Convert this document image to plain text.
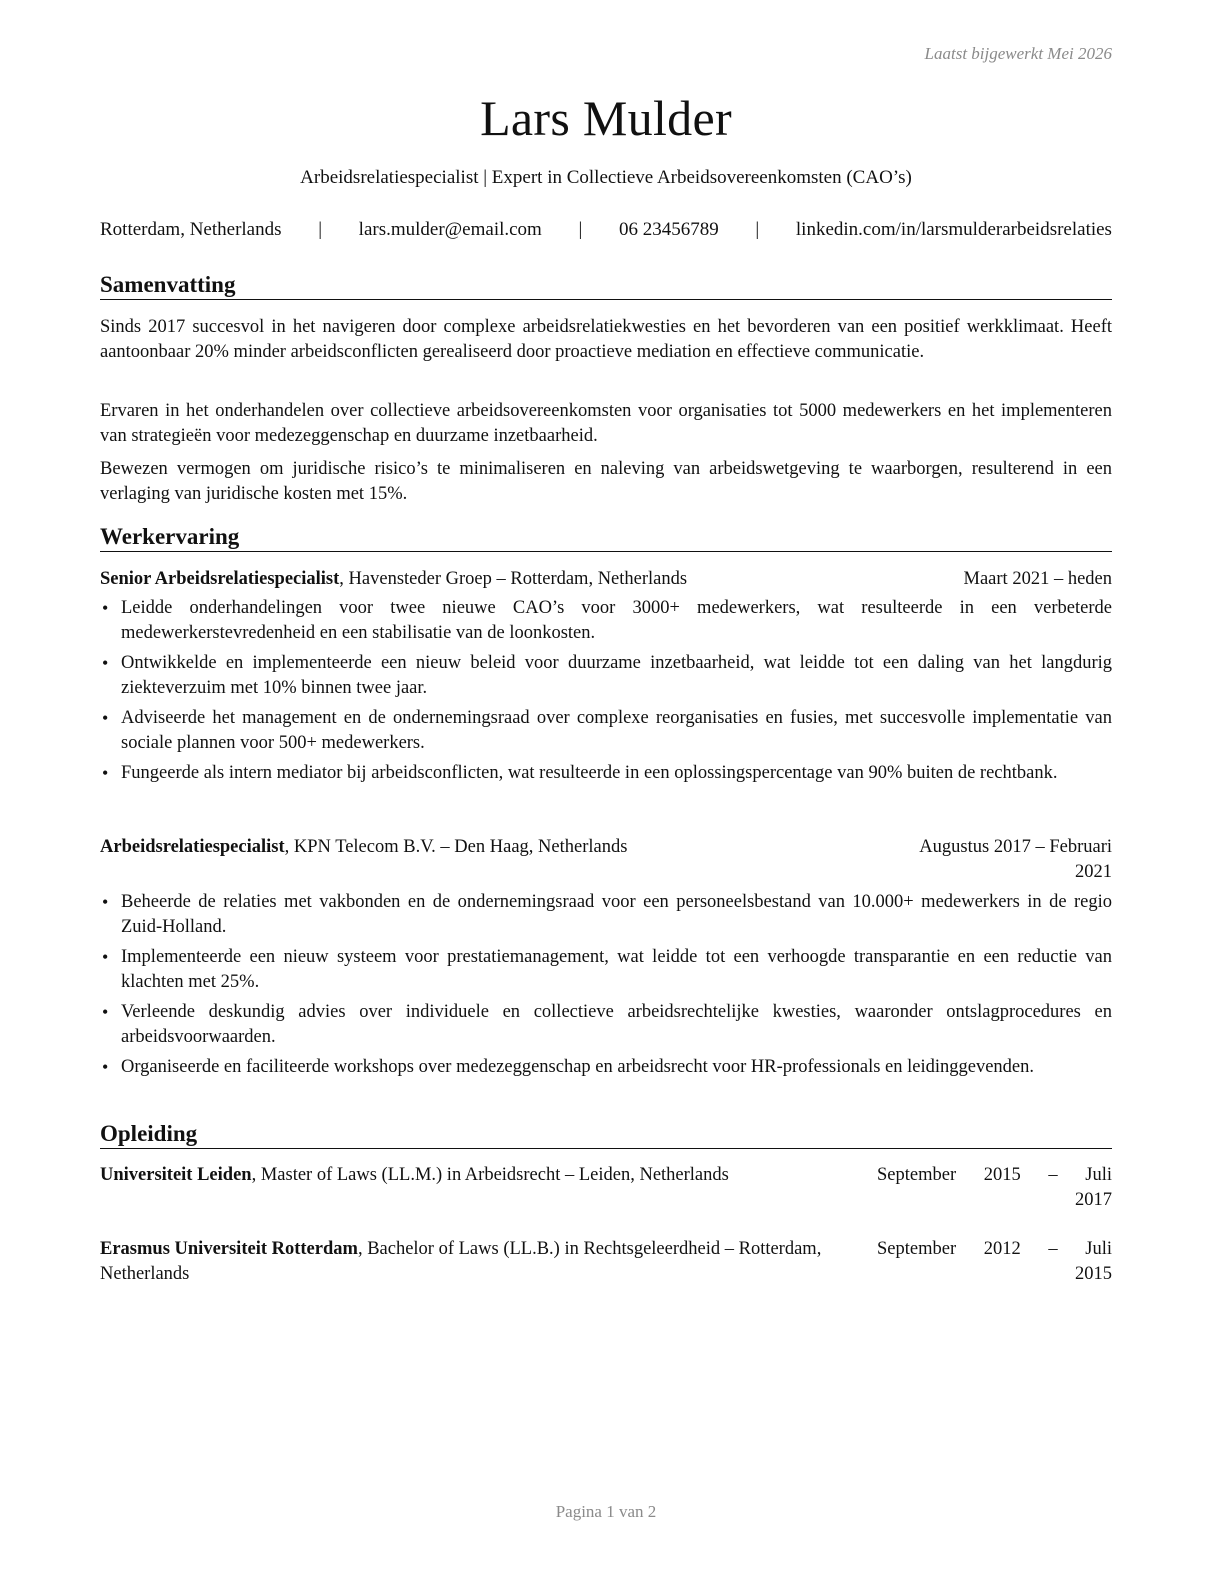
Laatst bijgewerkt Mei 2026
Lars Mulder
Arbeidsrelatiespecialist | Expert in Collectieve Arbeidsovereenkomsten (CAO’s)
Rotterdam, Netherlands | lars.mulder@email.com | 06 23456789 | linkedin.com/in/larsmulderarbeidsrelaties
Samenvatting
Sinds 2017 succesvol in het navigeren door complexe arbeidsrelatiekwesties en het bevorderen van een positief werkklimaat. Heeft aantoonbaar 20% minder arbeidsconflicten gerealiseerd door proactieve mediation en effectieve communicatie.
Ervaren in het onderhandelen over collectieve arbeidsovereenkomsten voor organisaties tot 5000 medewerkers en het implementeren van strategieën voor medezeggenschap en duurzame inzetbaarheid.
Bewezen vermogen om juridische risico’s te minimaliseren en naleving van arbeidswetgeving te waarborgen, resulterend in een verlaging van juridische kosten met 15%.
Werkervaring
Senior Arbeidsrelatiespecialist, Havensteder Groep – Rotterdam, Netherlands	Maart 2021 – heden
• Leidde onderhandelingen voor twee nieuwe CAO’s voor 3000+ medewerkers, wat resulteerde in een verbeterde medewerkerstevredenheid en een stabilisatie van de loonkosten.
• Ontwikkelde en implementeerde een nieuw beleid voor duurzame inzetbaarheid, wat leidde tot een daling van het langdurig ziekteverzuim met 10% binnen twee jaar.
• Adviseerde het management en de ondernemingsraad over complexe reorganisaties en fusies, met succesvolle implementatie van sociale plannen voor 500+ medewerkers.
• Fungeerde als intern mediator bij arbeidsconflicten, wat resulteerde in een oplossingspercentage van 90% buiten de rechtbank.
Arbeidsrelatiespecialist, KPN Telecom B.V. – Den Haag, Netherlands	Augustus 2017 – Februari
2021
• Beheerde de relaties met vakbonden en de ondernemingsraad voor een personeelsbestand van 10.000+ medewerkers in de regio Zuid-Holland.
• Implementeerde een nieuw systeem voor prestatiemanagement, wat leidde tot een verhoogde transparantie en een reductie van klachten met 25%.
• Verleende deskundig advies over individuele en collectieve arbeidsrechtelijke kwesties, waaronder ontslagprocedures en arbeidsvoorwaarden.
• Organiseerde en faciliteerde workshops over medezeggenschap en arbeidsrecht voor HR-professionals en leidinggevenden.
Opleiding
Universiteit Leiden, Master of Laws (LL.M.) in Arbeidsrecht – Leiden, Netherlands	September 2015 – Juli
2017
Erasmus Universiteit Rotterdam, Bachelor of Laws (LL.B.) in Rechtsgeleerdheid – Rotterdam, Netherlands
September 2012 – Juli
2015
Pagina 1 van 2
